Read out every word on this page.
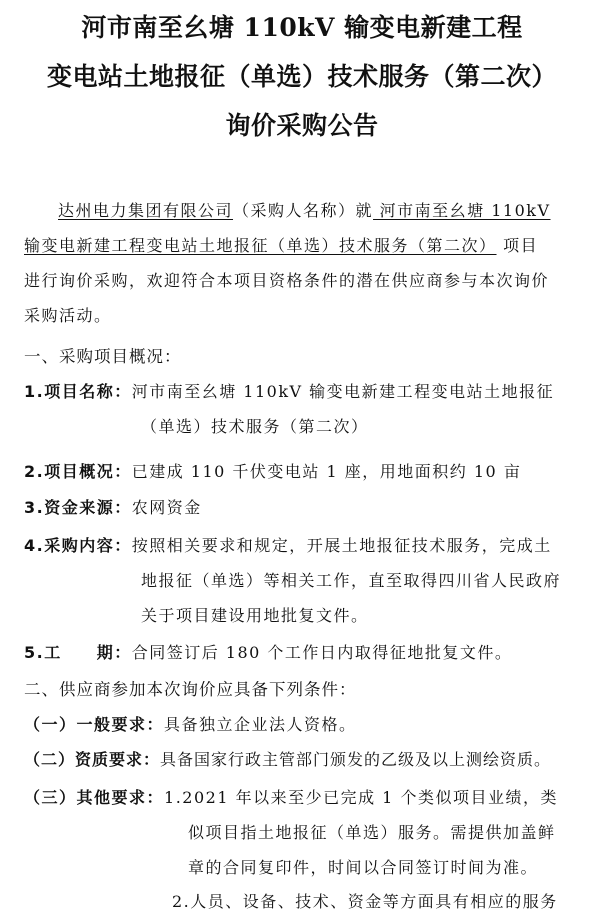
河市南至幺塘 110kV 输变电新建工程
变电站土地报征（单选）技术服务（第二次）
询价采购公告
达州电力集团有限公司（采购人名称）就 河市南至幺塘 110kV
输变电新建工程变电站土地报征（单选）技术服务（第二次） 项目
进行询价采购，欢迎符合本项目资格条件的潜在供应商参与本次询价
采购活动。
一、采购项目概况：
1.项目名称：河市南至幺塘 110kV 输变电新建工程变电站土地报征
（单选）技术服务（第二次）
2.项目概况：已建成 110 千伏变电站 1 座，用地面积约 10 亩
3.资金来源：农网资金
4.采购内容：按照相关要求和规定，开展土地报征技术服务，完成土
地报征（单选）等相关工作，直至取得四川省人民政府
关于项目建设用地批复文件。
5.工　　期：合同签订后 180 个工作日内取得征地批复文件。
二、供应商参加本次询价应具备下列条件：
（一）一般要求：具备独立企业法人资格。
（二）资质要求：具备国家行政主管部门颁发的乙级及以上测绘资质。
（三）其他要求：1.2021 年以来至少已完成 1 个类似项目业绩，类
似项目指土地报征（单选）服务。需提供加盖鲜
章的合同复印件，时间以合同签订时间为准。
2.人员、设备、技术、资金等方面具有相应的服务
